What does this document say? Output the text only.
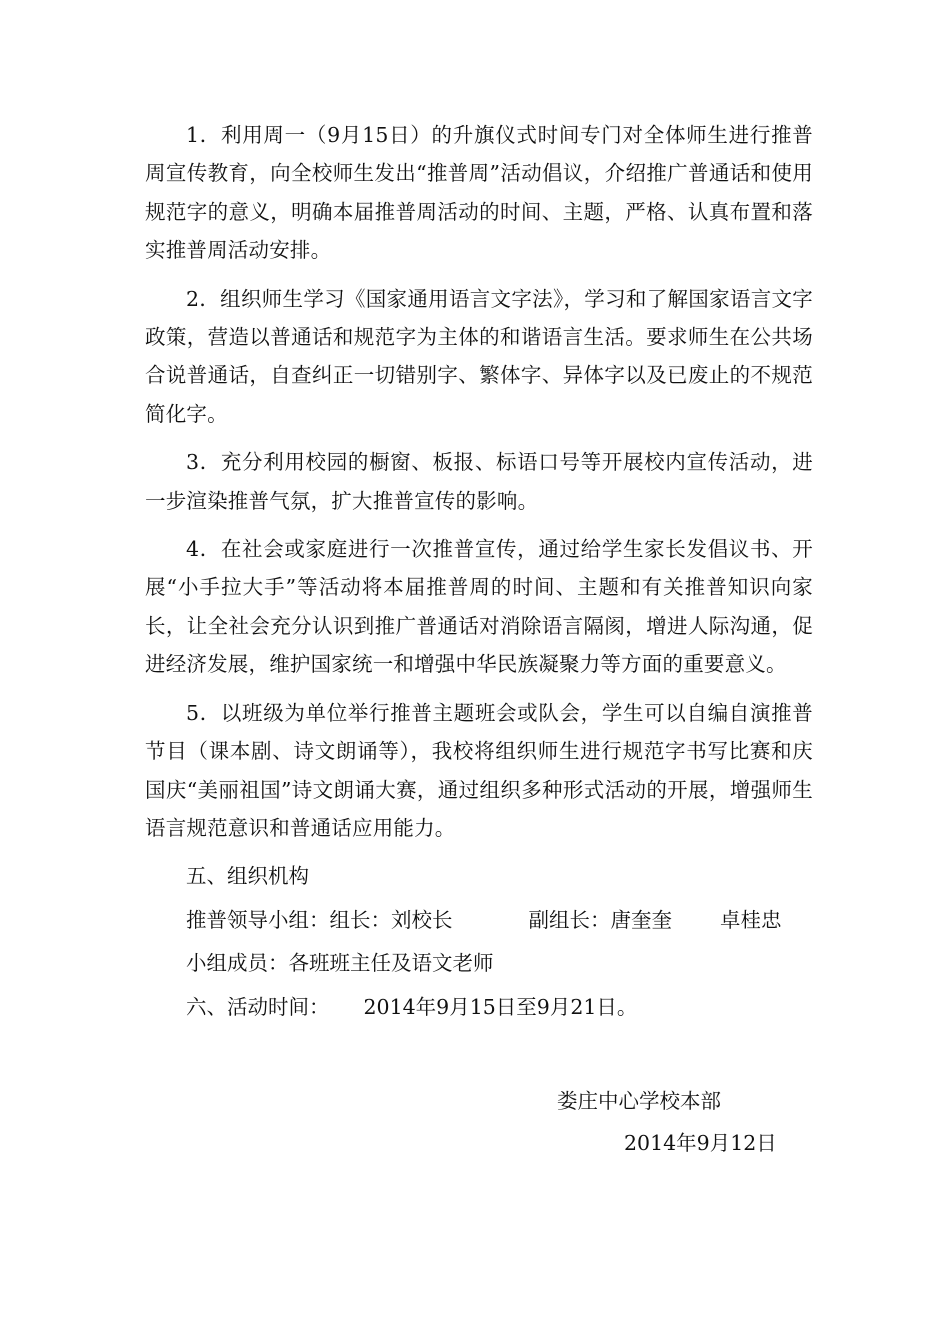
1．利用周一（9月15日）的升旗仪式时间专门对全体师生进行推普周宣传教育，向全校师生发出“推普周”活动倡议，介绍推广普通话和使用规范字的意义，明确本届推普周活动的时间、主题，严格、认真布置和落实推普周活动安排。

2．组织师生学习《国家通用语言文字法》，学习和了解国家语言文字政策，营造以普通话和规范字为主体的和谐语言生活。要求师生在公共场合说普通话，自查纠正一切错别字、繁体字、异体字以及已废止的不规范简化字。

3．充分利用校园的橱窗、板报、标语口号等开展校内宣传活动，进一步渲染推普气氛，扩大推普宣传的影响。

4．在社会或家庭进行一次推普宣传，通过给学生家长发倡议书、开展“小手拉大手”等活动将本届推普周的时间、主题和有关推普知识向家长，让全社会充分认识到推广普通话对消除语言隔阂，增进人际沟通，促进经济发展，维护国家统一和增强中华民族凝聚力等方面的重要意义。

5．以班级为单位举行推普主题班会或队会，学生可以自编自演推普节目（课本剧、诗文朗诵等），我校将组织师生进行规范字书写比赛和庆国庆“美丽祖国”诗文朗诵大赛，通过组织多种形式活动的开展，增强师生语言规范意识和普通话应用能力。

五、组织机构
推普领导小组：组长：刘校长	副组长：唐奎奎 卓桂忠
小组成员：各班班主任及语文老师
六、活动时间： 2014年9月15日至9月21日。
娄庄中心学校本部
2014年9月12日
